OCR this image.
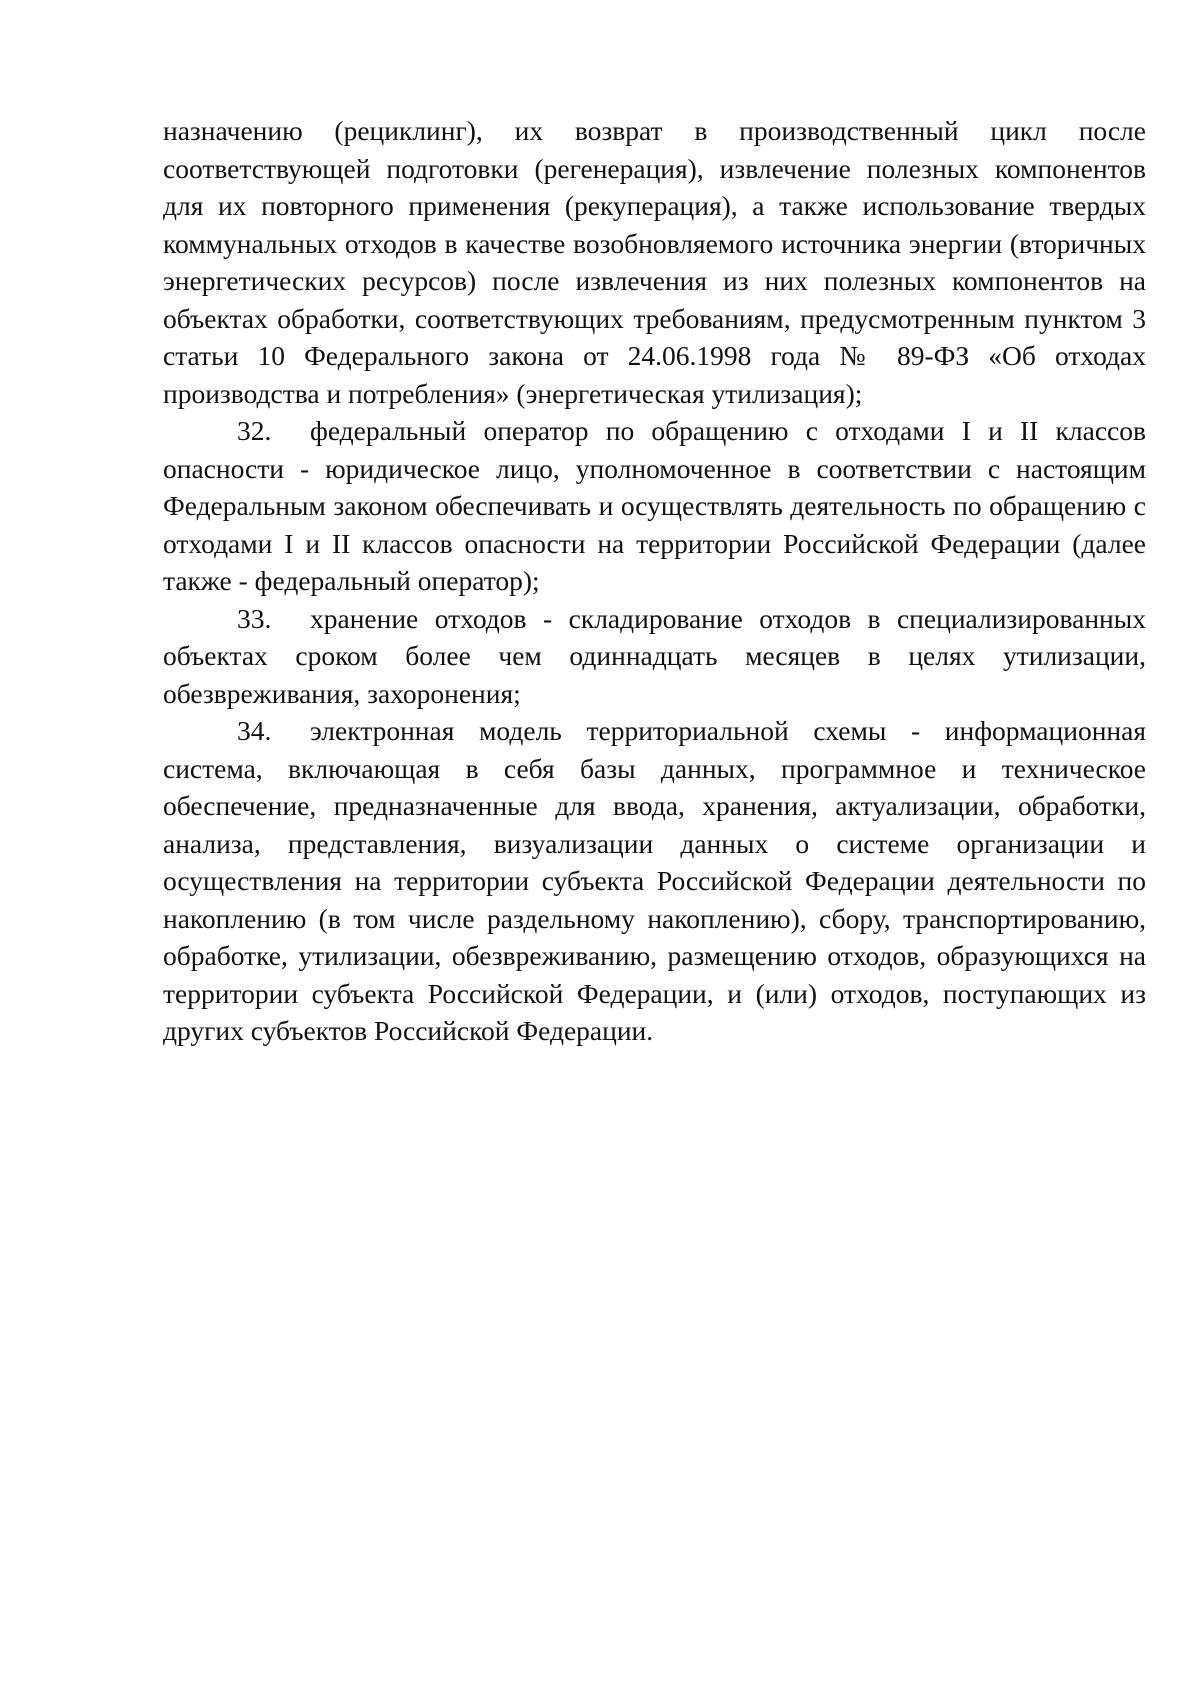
назначению (рециклинг), их возврат в производственный цикл после соответствующей подготовки (регенерация), извлечение полезных компонентов для их повторного применения (рекуперация), а также использование твердых коммунальных отходов в качестве возобновляемого источника энергии (вторичных энергетических ресурсов) после извлечения из них полезных компонентов на объектах обработки, соответствующих требованиям, предусмотренным пунктом 3 статьи 10 Федерального закона от 24.06.1998 года № 89-ФЗ «Об отходах производства и потребления» (энергетическая утилизация);

32. федеральный оператор по обращению с отходами I и II классов опасности - юридическое лицо, уполномоченное в соответствии с настоящим Федеральным законом обеспечивать и осуществлять деятельность по обращению с отходами I и II классов опасности на территории Российской Федерации (далее также - федеральный оператор);

33. хранение отходов - складирование отходов в специализированных объектах сроком более чем одиннадцать месяцев в целях утилизации, обезвреживания, захоронения;

34. электронная модель территориальной схемы - информационная система, включающая в себя базы данных, программное и техническое обеспечение, предназначенные для ввода, хранения, актуализации, обработки, анализа, представления, визуализации данных о системе организации и осуществления на территории субъекта Российской Федерации деятельности по накоплению (в том числе раздельному накоплению), сбору, транспортированию, обработке, утилизации, обезвреживанию, размещению отходов, образующихся на территории субъекта Российской Федерации, и (или) отходов, поступающих из других субъектов Российской Федерации.
